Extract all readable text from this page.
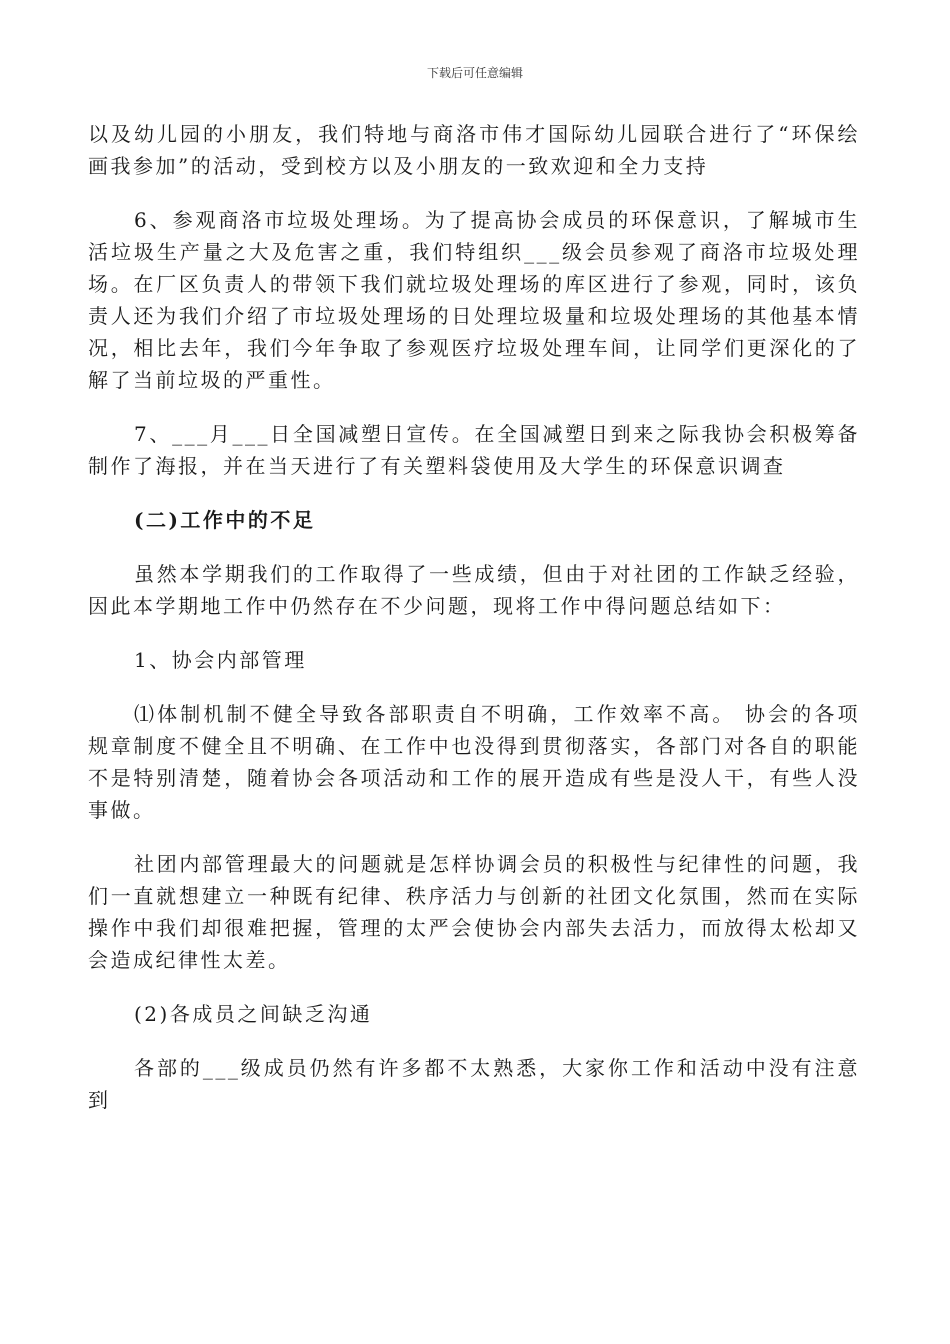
下载后可任意编辑

以及幼儿园的小朋友，我们特地与商洛市伟才国际幼儿园联合进行了“环保绘画我参加”的活动，受到校方以及小朋友的一致欢迎和全力支持

6、参观商洛市垃圾处理场。为了提高协会成员的环保意识，了解城市生活垃圾生产量之大及危害之重，我们特组织___级会员参观了商洛市垃圾处理场。在厂区负责人的带领下我们就垃圾处理场的库区进行了参观，同时，该负责人还为我们介绍了市垃圾处理场的日处理垃圾量和垃圾处理场的其他基本情况，相比去年，我们今年争取了参观医疗垃圾处理车间，让同学们更深化的了解了当前垃圾的严重性。

7、___月___日全国减塑日宣传。在全国减塑日到来之际我协会积极筹备制作了海报，并在当天进行了有关塑料袋使用及大学生的环保意识调查

(二)工作中的不足

虽然本学期我们的工作取得了一些成绩，但由于对社团的工作缺乏经验，因此本学期地工作中仍然存在不少问题，现将工作中得问题总结如下：

1、协会内部管理

⑴体制机制不健全导致各部职责自不明确，工作效率不高。 协会的各项规章制度不健全且不明确、在工作中也没得到贯彻落实，各部门对各自的职能不是特别清楚，随着协会各项活动和工作的展开造成有些是没人干，有些人没事做。

社团内部管理最大的问题就是怎样协调会员的积极性与纪律性的问题，我们一直就想建立一种既有纪律、秩序活力与创新的社团文化氛围，然而在实际操作中我们却很难把握，管理的太严会使协会内部失去活力，而放得太松却又会造成纪律性太差。

(2)各成员之间缺乏沟通

各部的___级成员仍然有许多都不太熟悉，大家你工作和活动中没有注意到
